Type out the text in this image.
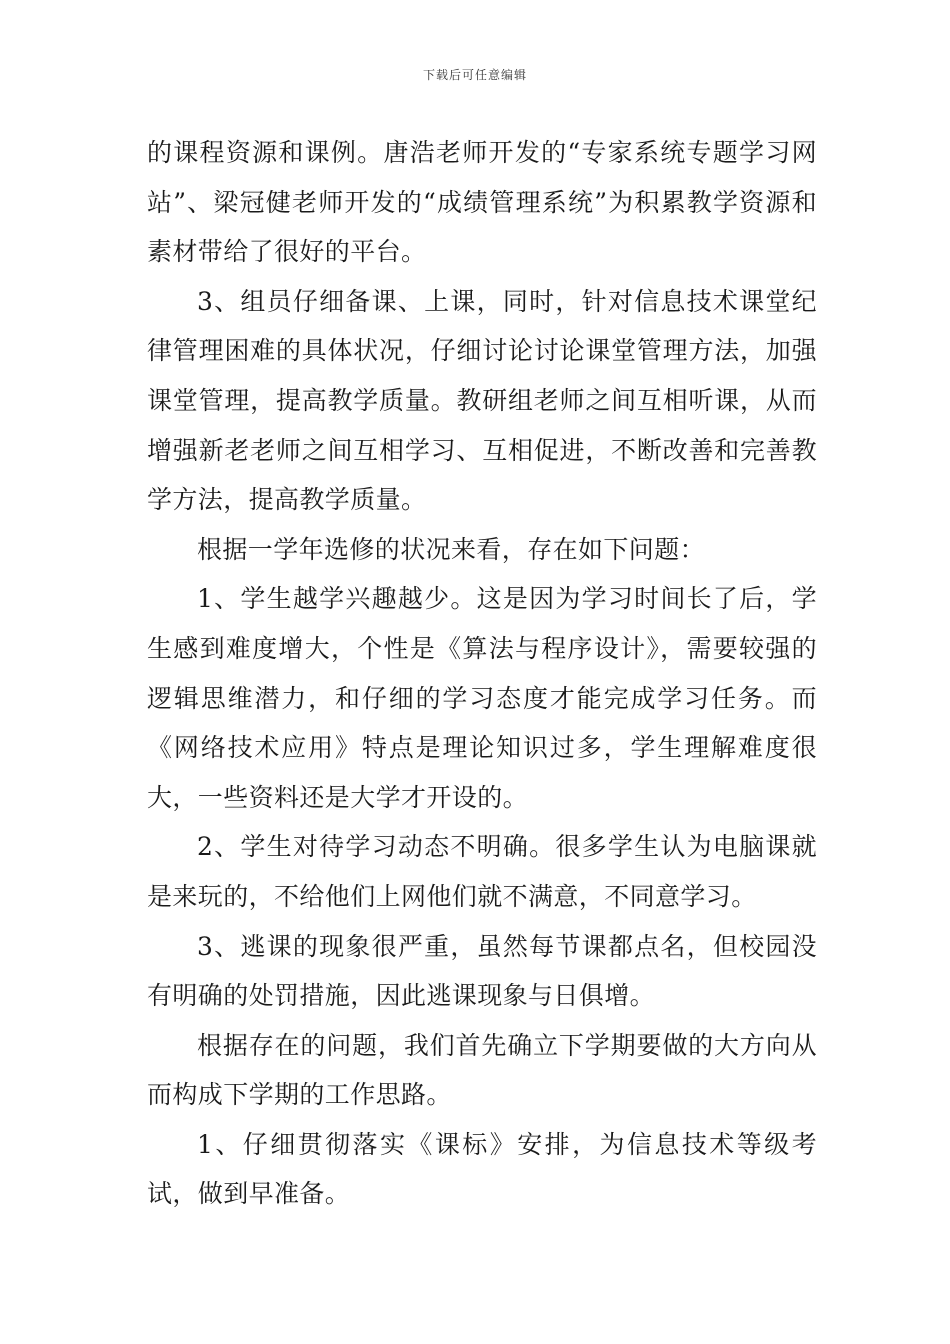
下载后可任意编辑

的课程资源和课例。唐浩老师开发的“专家系统专题学习网站”、梁冠健老师开发的“成绩管理系统”为积累教学资源和素材带给了很好的平台。

3、组员仔细备课、上课，同时，针对信息技术课堂纪律管理困难的具体状况，仔细讨论讨论课堂管理方法，加强课堂管理，提高教学质量。教研组老师之间互相听课，从而增强新老老师之间互相学习、互相促进，不断改善和完善教学方法，提高教学质量。

根据一学年选修的状况来看，存在如下问题：

1、学生越学兴趣越少。这是因为学习时间长了后，学生感到难度增大，个性是《算法与程序设计》，需要较强的逻辑思维潜力，和仔细的学习态度才能完成学习任务。而《网络技术应用》特点是理论知识过多，学生理解难度很大，一些资料还是大学才开设的。

2、学生对待学习动态不明确。很多学生认为电脑课就是来玩的，不给他们上网他们就不满意，不同意学习。

3、逃课的现象很严重，虽然每节课都点名，但校园没有明确的处罚措施，因此逃课现象与日俱增。

根据存在的问题，我们首先确立下学期要做的大方向从而构成下学期的工作思路。

1、仔细贯彻落实《课标》安排，为信息技术等级考试，做到早准备。
